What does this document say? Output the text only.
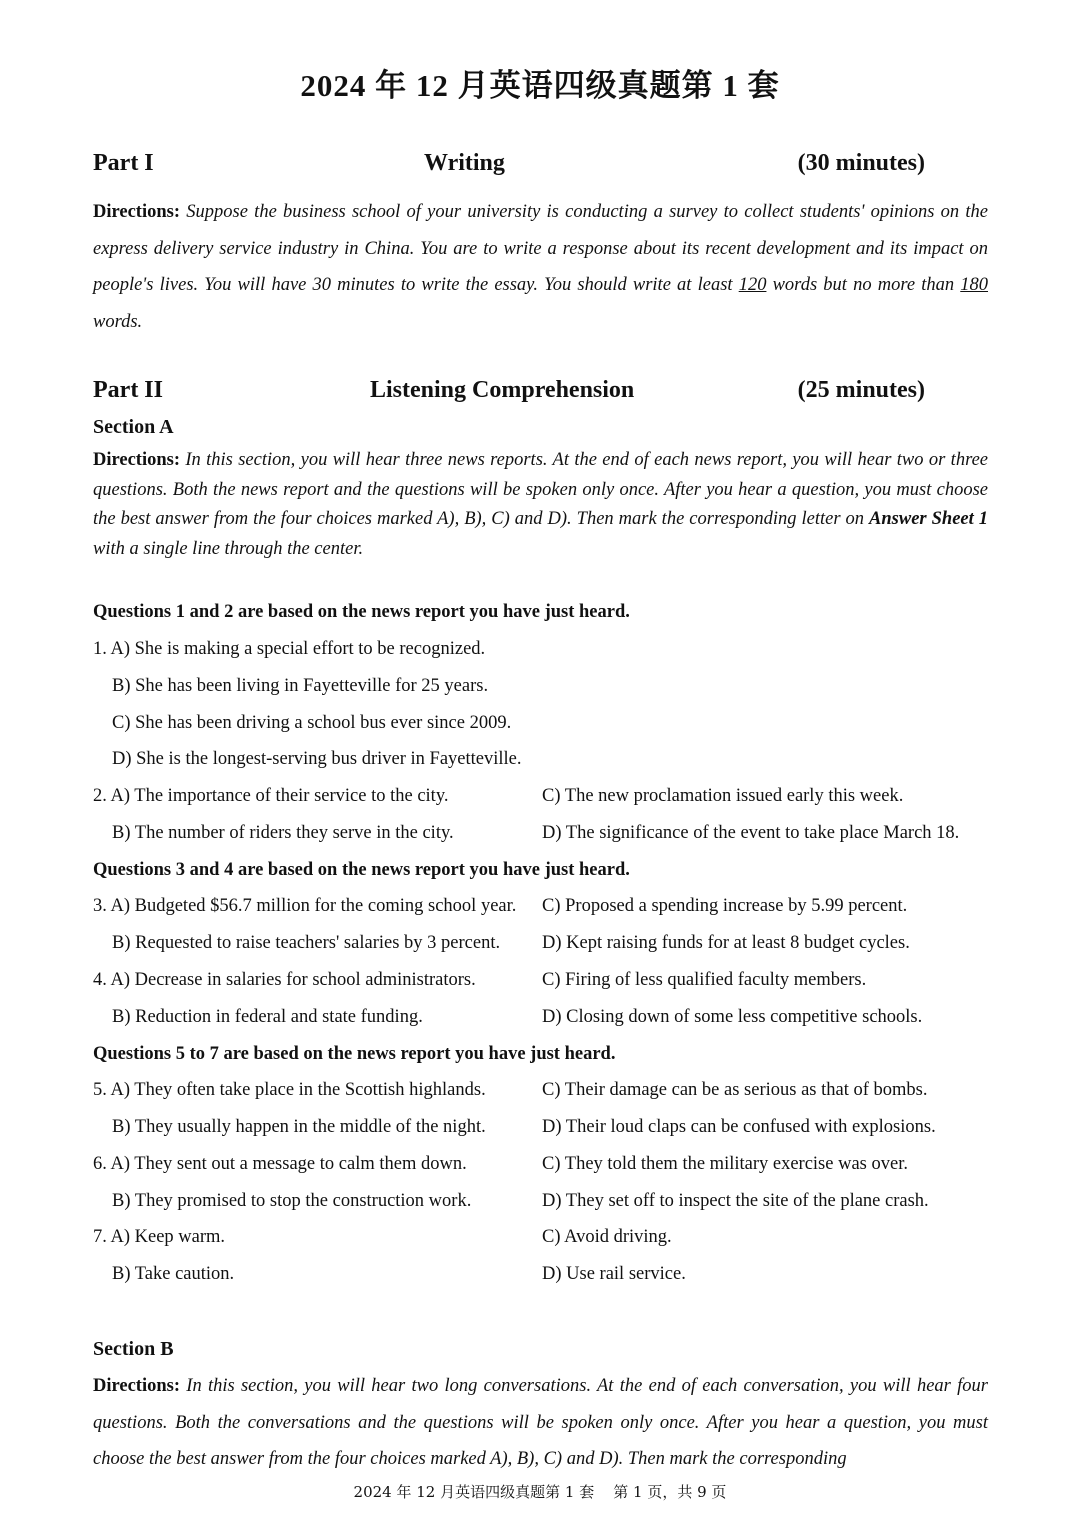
2024 年 12 月英语四级真题第 1 套
Part I	Writing	(30 minutes)
Directions: Suppose the business school of your university is conducting a survey to collect students' opinions on the express delivery service industry in China. You are to write a response about its recent development and its impact on people's lives. You will have 30 minutes to write the essay. You should write at least 120 words but no more than 180 words.
Part II	Listening Comprehension	(25 minutes)
Section A
Directions: In this section, you will hear three news reports. At the end of each news report, you will hear two or three questions. Both the news report and the questions will be spoken only once. After you hear a question, you must choose the best answer from the four choices marked A), B), C) and D). Then mark the corresponding letter on Answer Sheet 1 with a single line through the center.
Questions 1 and 2 are based on the news report you have just heard.
1. A) She is making a special effort to be recognized.
B) She has been living in Fayetteville for 25 years.
C) She has been driving a school bus ever since 2009.
D) She is the longest-serving bus driver in Fayetteville.
2. A) The importance of their service to the city.	C) The new proclamation issued early this week.
B) The number of riders they serve in the city.	D) The significance of the event to take place March 18.
Questions 3 and 4 are based on the news report you have just heard.
3. A) Budgeted $56.7 million for the coming school year. C) Proposed a spending increase by 5.99 percent.
B) Requested to raise teachers' salaries by 3 percent. D) Kept raising funds for at least 8 budget cycles.
4. A) Decrease in salaries for school administrators.	C) Firing of less qualified faculty members.
B) Reduction in federal and state funding.	D) Closing down of some less competitive schools.
Questions 5 to 7 are based on the news report you have just heard.
5. A) They often take place in the Scottish highlands.	C) Their damage can be as serious as that of bombs.
B) They usually happen in the middle of the night.	D) Their loud claps can be confused with explosions.
6. A) They sent out a message to calm them down.	C) They told them the military exercise was over.
B) They promised to stop the construction work.	D) They set off to inspect the site of the plane crash.
7. A) Keep warm.	C) Avoid driving.
B) Take caution.	D) Use rail service.
Section B
Directions: In this section, you will hear two long conversations. At the end of each conversation, you will hear four questions. Both the conversations and the questions will be spoken only once. After you hear a question, you must choose the best answer from the four choices marked A), B), C) and D). Then mark the corresponding
2024 年 12 月英语四级真题第 1 套    第 1 页，共 9 页
